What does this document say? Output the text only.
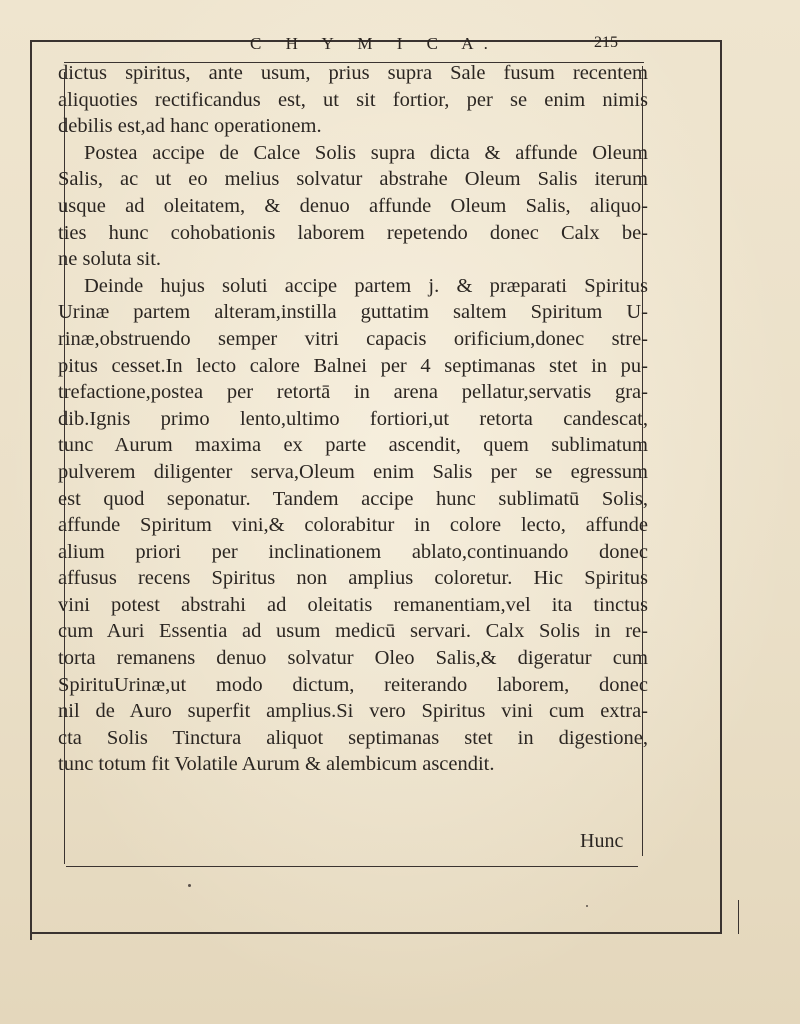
C H Y M I C A.	215
dictus spiritus, ante usum, prius supra Sale fusum recentem
aliquoties rectificandus est, ut sit fortior, per se enim nimis
debilis est,ad hanc operationem.
Postea accipe de Calce Solis supra dicta & affunde Oleum
Salis, ac ut eo melius solvatur abstrahe Oleum Salis iterum
usque ad oleitatem, & denuo affunde Oleum Salis, aliquo-
ties hunc cohobationis laborem repetendo donec Calx be-
ne soluta sit.
Deinde hujus soluti accipe partem j. & præparati Spiritus
Urinæ partem alteram,instilla guttatim saltem Spiritum U-
rinæ,obstruendo semper vitri capacis orificium,donec stre-
pitus cesset.In lecto calore Balnei per 4 septimanas stet in pu-
trefactione,postea per retortā in arena pellatur,servatis gra-
dib.Ignis primo lento,ultimo fortiori,ut retorta candescat,
tunc Aurum maxima ex parte ascendit, quem sublimatum
pulverem diligenter serva,Oleum enim Salis per se egressum
est quod seponatur. Tandem accipe hunc sublimatū Solis,
affunde Spiritum vini,& colorabitur in colore lecto, affunde
alium priori per inclinationem ablato,continuando donec
affusus recens Spiritus non amplius coloretur. Hic Spiritus
vini potest abstrahi ad oleitatis remanentiam,vel ita tinctus
cum Auri Essentia ad usum medicū servari. Calx Solis in re-
torta remanens denuo solvatur Oleo Salis,& digeratur cum
SpirituUrinæ,ut modo dictum, reiterando laborem, donec
nil de Auro superfit amplius.Si vero Spiritus vini cum extra-
cta Solis Tinctura aliquot septimanas stet in digestione,
tunc totum fit Volatile Aurum & alembicum ascendit.
Hunc
